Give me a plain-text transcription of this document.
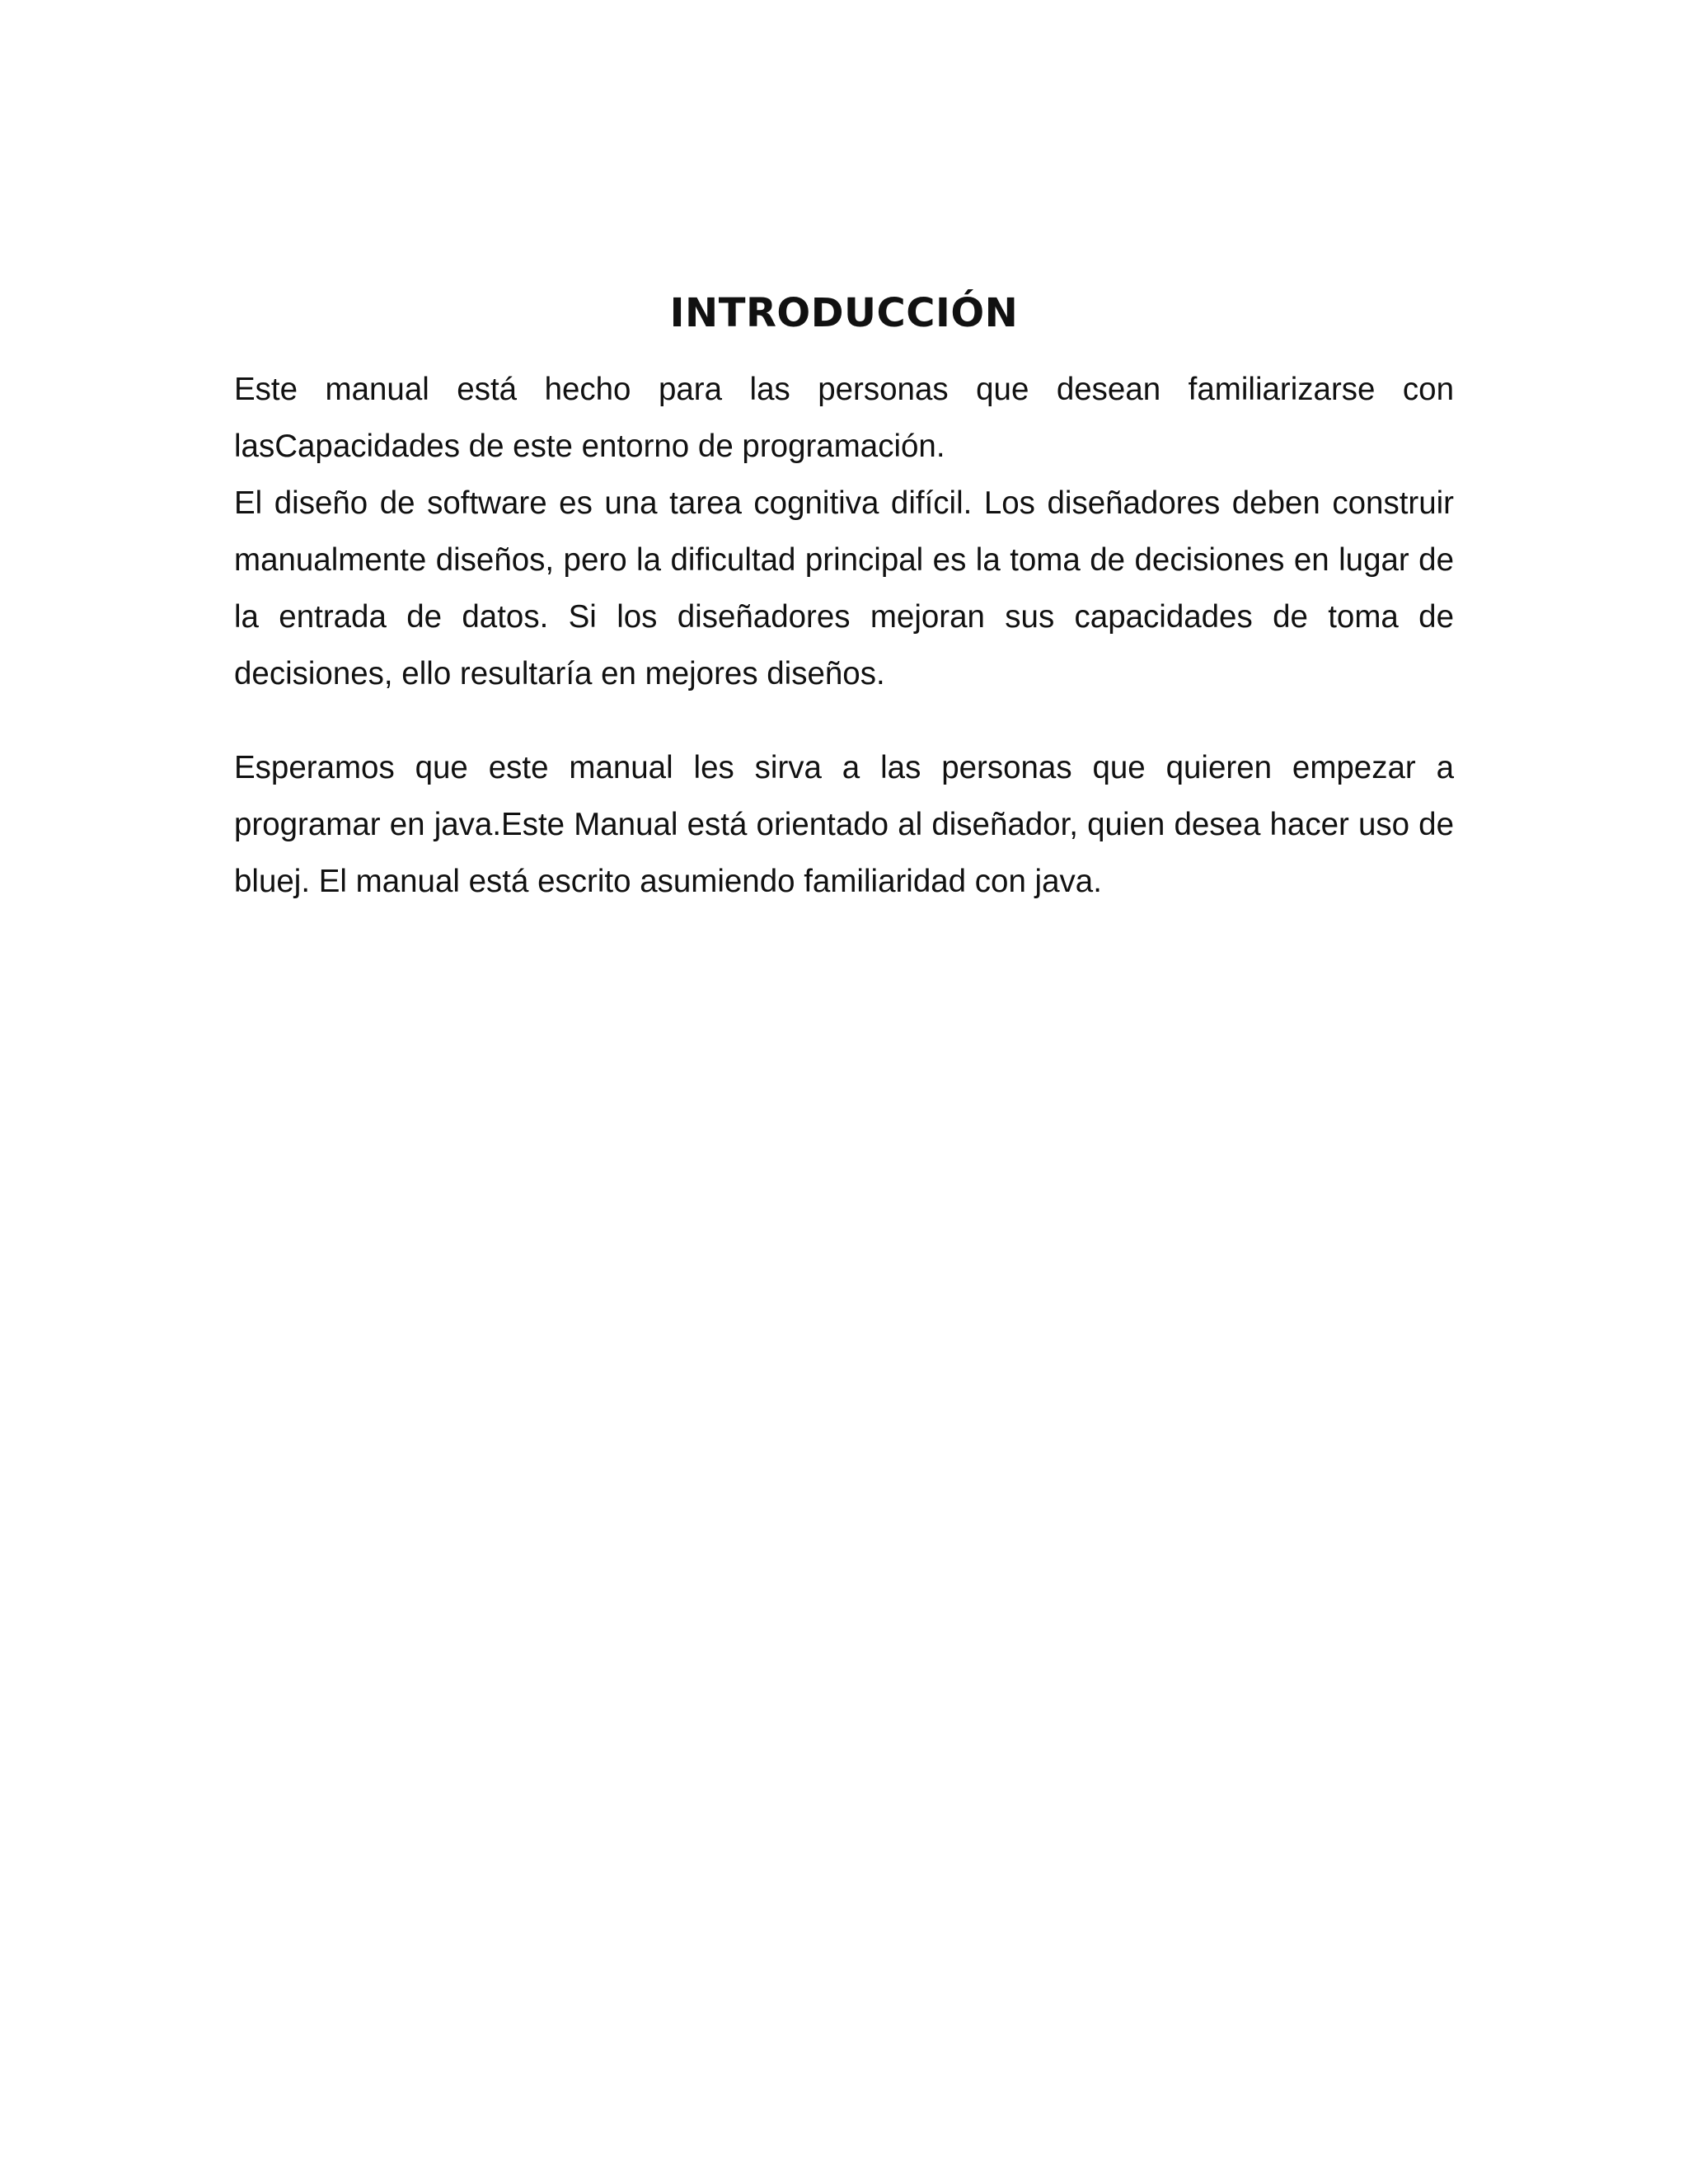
INTRODUCCIÓN

Este manual está hecho para las personas que desean familiarizarse con lasCapacidades de este entorno de programación.

El diseño de software es una tarea cognitiva difícil. Los diseñadores deben construir manualmente diseños, pero la dificultad principal es la toma de decisiones en lugar de la entrada de datos. Si los diseñadores mejoran sus capacidades de toma de decisiones, ello resultaría en mejores diseños.

Esperamos que este manual les sirva a las personas que quieren empezar a programar en java.Este Manual está orientado al diseñador, quien desea hacer uso de bluej. El manual está escrito asumiendo familiaridad con java.
